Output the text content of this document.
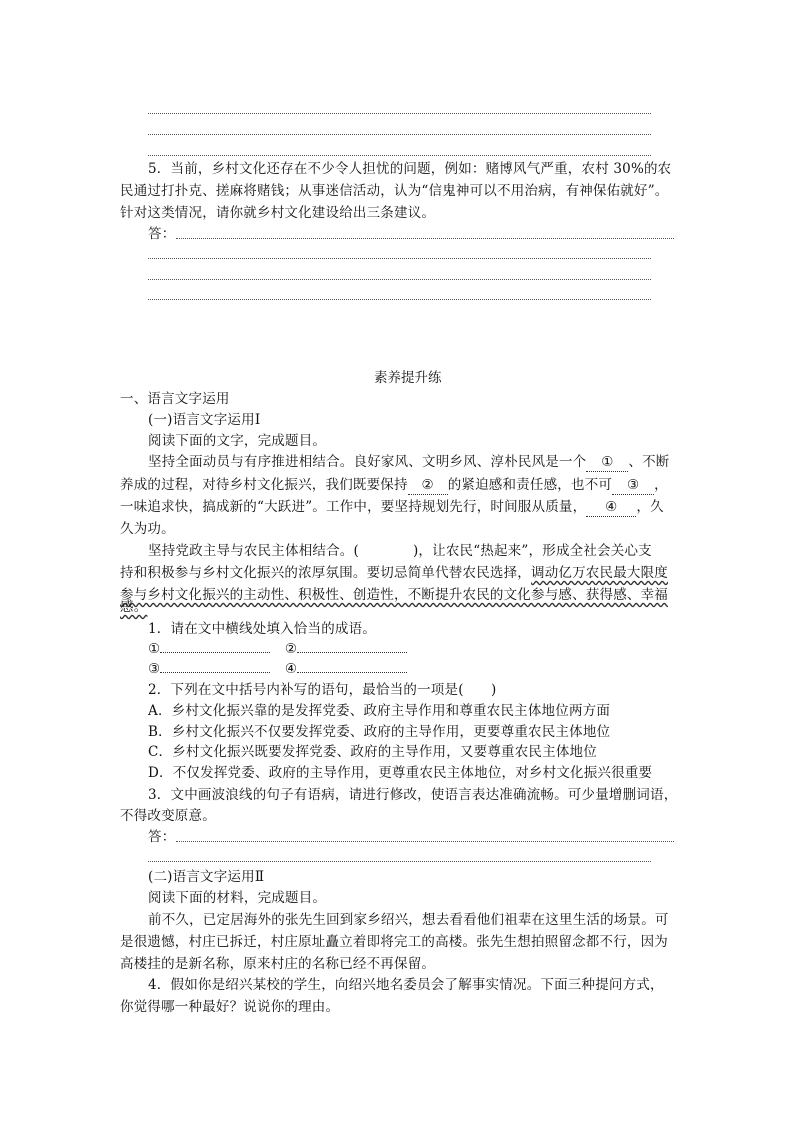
5．当前，乡村文化还存在不少令人担忧的问题，例如：赌博风气严重，农村 30%的农
民通过打扑克、搓麻将赌钱；从事迷信活动，认为“信鬼神可以不用治病，有神保佑就好”。
针对这类情况，请你就乡村文化建设给出三条建议。
答：
素养提升练
一、语言文字运用
(一)语言文字运用Ⅰ
阅读下面的文字，完成题目。
坚持全面动员与有序推进相结合。良好家风、文明乡风、淳朴民风是一个 ① 、不断
养成的过程，对待乡村文化振兴，我们既要保持 ② 的紧迫感和责任感，也不可 ③ ，
一味追求快，搞成新的“大跃进”。工作中，要坚持规划先行，时间服从质量， ④ ，久
久为功。
坚持党政主导与农民主体相结合。(	)，让农民“热起来”，形成全社会关心支
持和积极参与乡村文化振兴的浓厚氛围。要切忌简单代替农民选择，调动亿万农民最大限度
参与乡村文化振兴的主动性、积极性、创造性，不断提升农民的文化参与感、获得感、幸福
感。
1．请在文中横线处填入恰当的成语。
①	②
③	④
2．下列在文中括号内补写的语句，最恰当的一项是(　　)
A．乡村文化振兴靠的是发挥党委、政府主导作用和尊重农民主体地位两方面
B．乡村文化振兴不仅要发挥党委、政府的主导作用，更要尊重农民主体地位
C．乡村文化振兴既要发挥党委、政府的主导作用，又要尊重农民主体地位
D．不仅发挥党委、政府的主导作用，更尊重农民主体地位，对乡村文化振兴很重要
3．文中画波浪线的句子有语病，请进行修改，使语言表达准确流畅。可少量增删词语，
不得改变原意。
答：
(二)语言文字运用Ⅱ
阅读下面的材料，完成题目。
前不久，已定居海外的张先生回到家乡绍兴，想去看看他们祖辈在这里生活的场景。可
是很遗憾，村庄已拆迁，村庄原址矗立着即将完工的高楼。张先生想拍照留念都不行，因为
高楼挂的是新名称，原来村庄的名称已经不再保留。
4．假如你是绍兴某校的学生，向绍兴地名委员会了解事实情况。下面三种提问方式，
你觉得哪一种最好？说说你的理由。
